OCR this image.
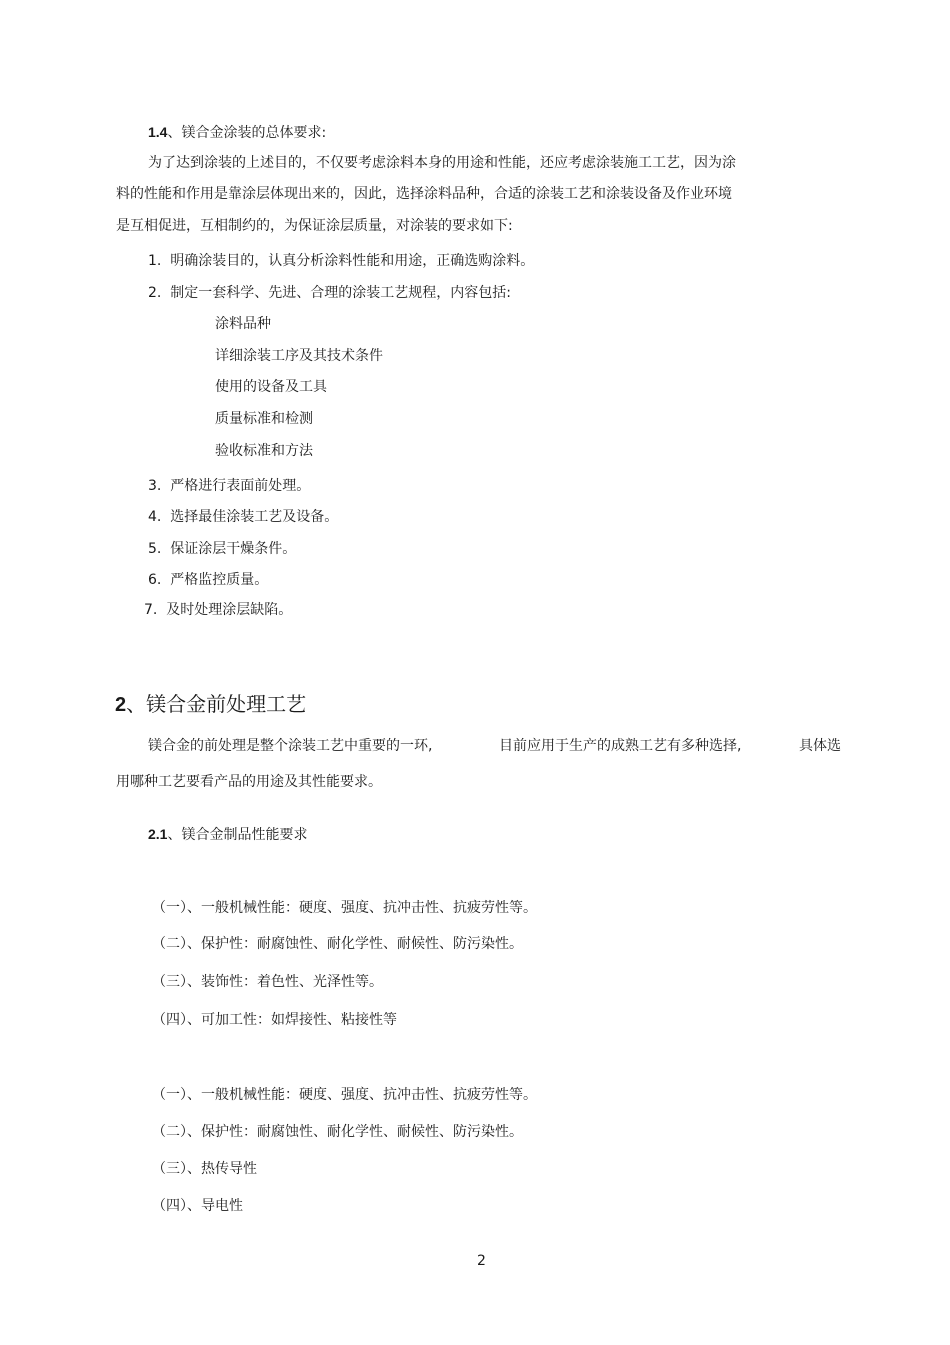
1.4、镁合金涂装的总体要求:
为了达到涂装的上述目的，不仅要考虑涂料本身的用途和性能，还应考虑涂装施工工艺，因为涂
料的性能和作用是靠涂层体现出来的，因此，选择涂料品种，合适的涂装工艺和涂装设备及作业环境
是互相促进，互相制约的，为保证涂层质量，对涂装的要求如下:
1. 明确涂装目的，认真分析涂料性能和用途，正确选购涂料。
2. 制定一套科学、先进、合理的涂装工艺规程，内容包括:
涂料品种
详细涂装工序及其技术条件
使用的设备及工具
质量标准和检测
验收标准和方法
3. 严格进行表面前处理。
4. 选择最佳涂装工艺及设备。
5. 保证涂层干燥条件。
6. 严格监控质量。
7. 及时处理涂层缺陷。
2、镁合金前处理工艺
镁合金的前处理是整个涂装工艺中重要的一环,	目前应用于生产的成熟工艺有多种选择,	具体选
用哪种工艺要看产品的用途及其性能要求。
2.1、镁合金制品性能要求
（一）、一般机械性能：硬度、强度、抗冲击性、抗疲劳性等。
（二）、保护性：耐腐蚀性、耐化学性、耐候性、防污染性。
（三）、装饰性：着色性、光泽性等。
（四）、可加工性：如焊接性、粘接性等
（一）、一般机械性能：硬度、强度、抗冲击性、抗疲劳性等。
（二）、保护性：耐腐蚀性、耐化学性、耐候性、防污染性。
（三）、热传导性
（四）、导电性
2
